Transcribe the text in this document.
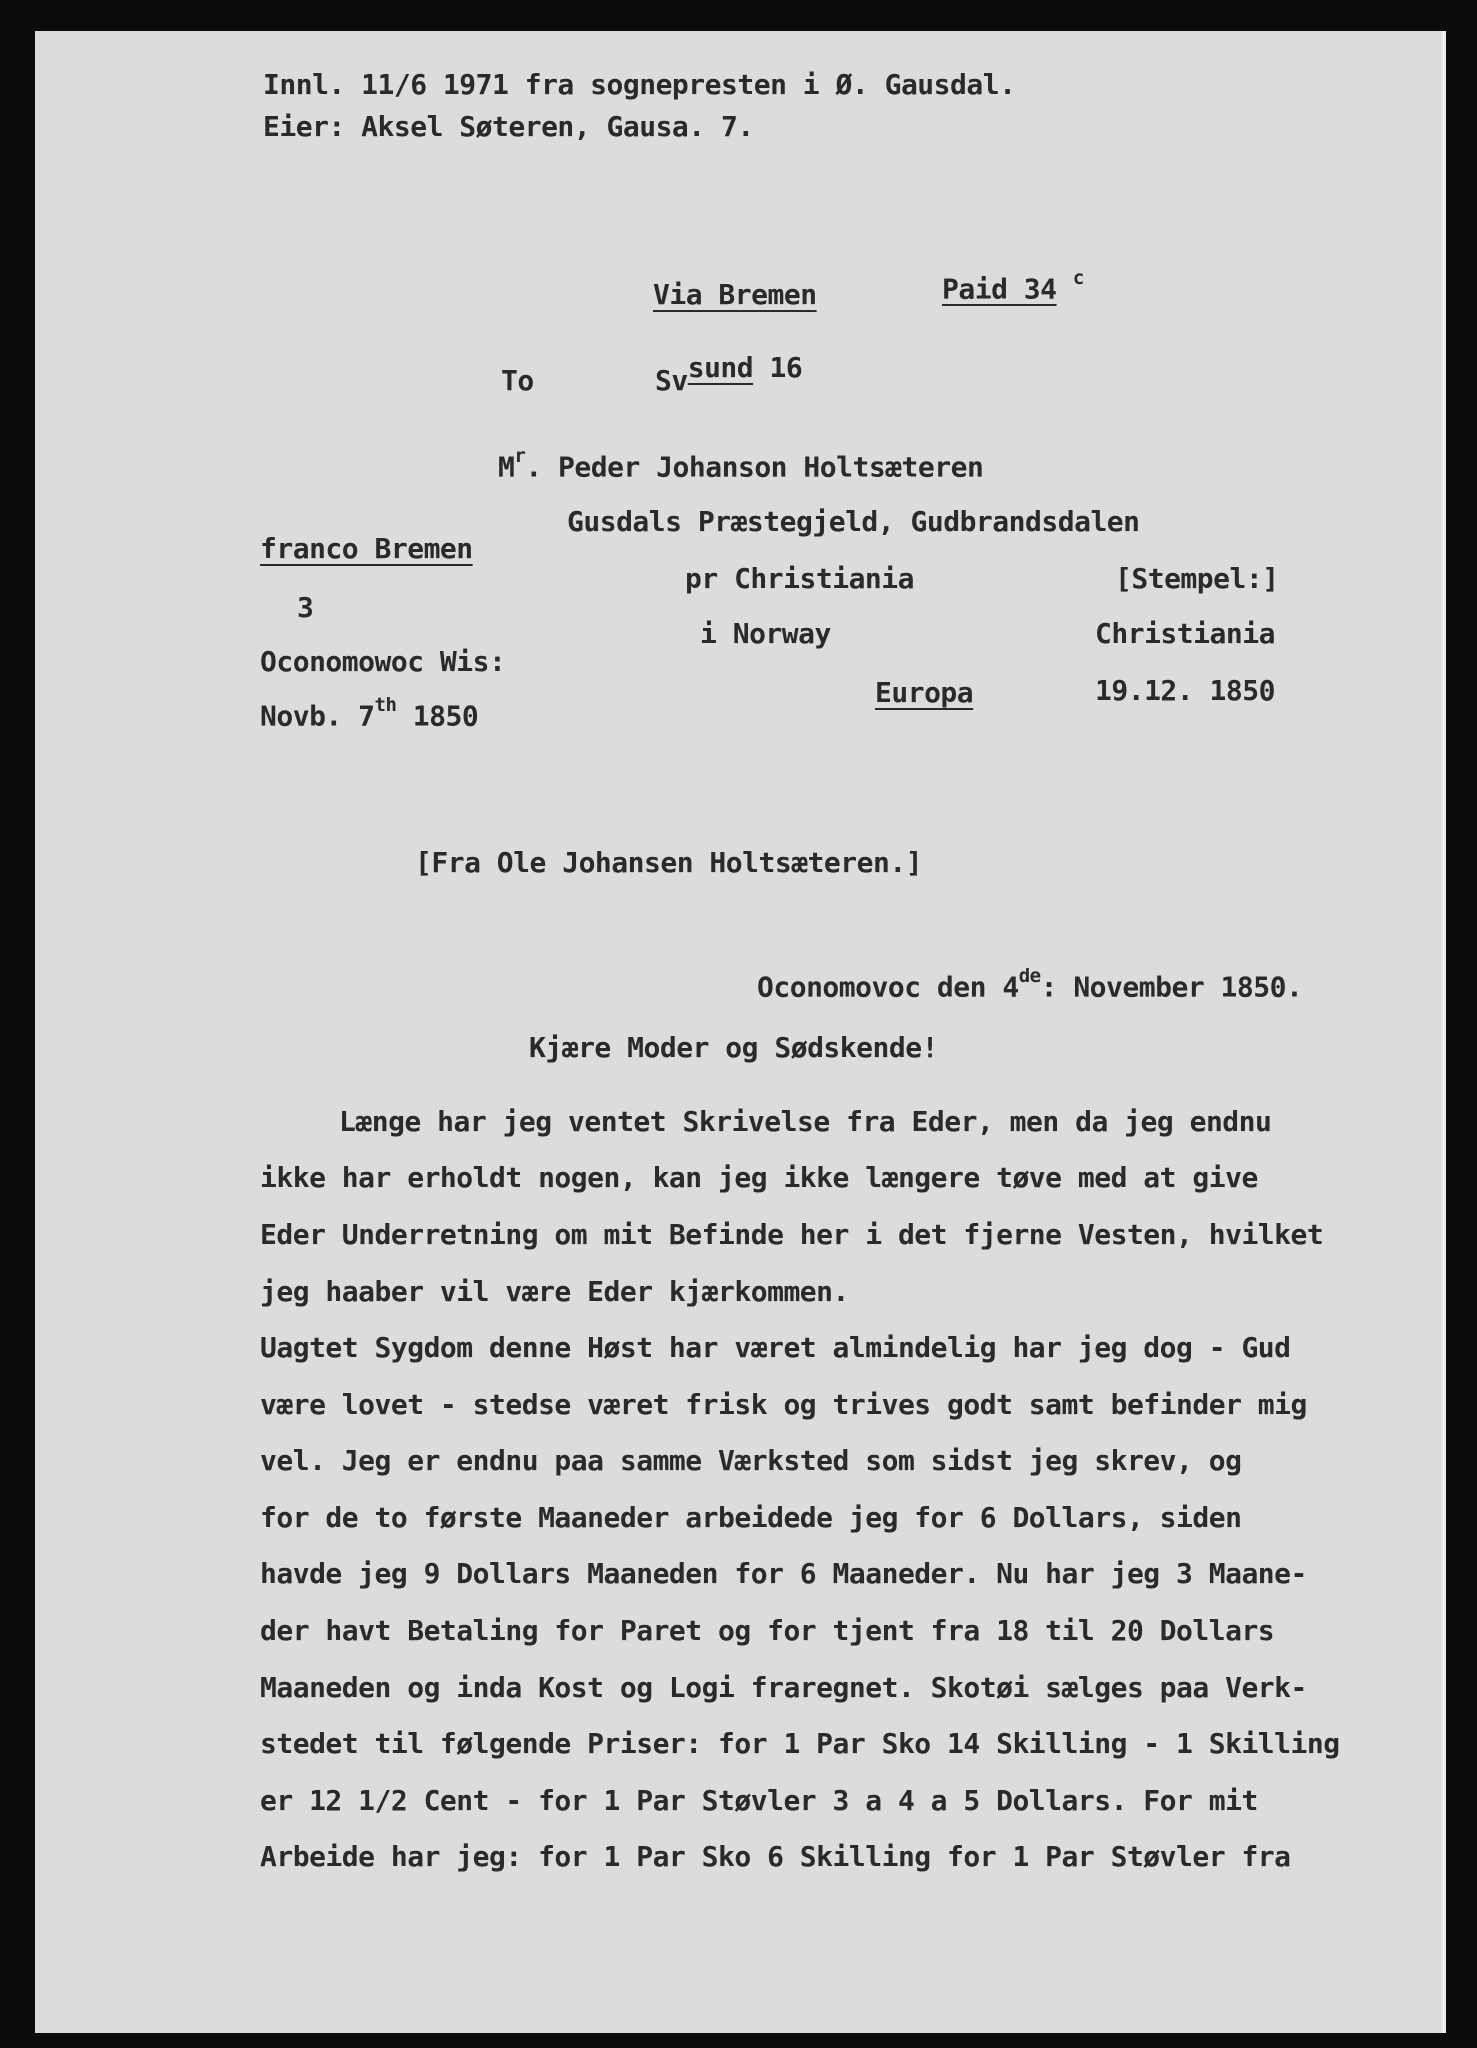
Innl. 11/6 1971 fra sognepresten i Ø. Gausdal.
Eier: Aksel Søteren, Gausa. 7.
Via Bremen	Paid 34 $^c$
To	Svsund 16
$M^r$. Peder Johanson Holtsæteren
Gusdals Præstegjeld, Gudbrandsdalen
franco Bremen
pr Christiania	[Stempel:]
3
i Norway	Christiania
Oconomowoc Wis:
Europa	19.12. 1850
Novb. 7th 1850
[Fra Ole Johansen Holtsæteren.]
Oconomovoc den 4de: November 1850.
Kjære Moder og Sødskende!
Længe har jeg ventet Skrivelse fra Eder, men da jeg endnu
ikke har erholdt nogen, kan jeg ikke længere tøve med at give
Eder Underretning om mit Befinde her i det fjerne Vesten, hvilket
jeg haaber vil være Eder kjærkommen.
Uagtet Sygdom denne Høst har været almindelig har jeg dog - Gud
være lovet - stedse været frisk og trives godt samt befinder mig
vel. Jeg er endnu paa samme Værksted som sidst jeg skrev, og
for de to første Maaneder arbeidede jeg for 6 Dollars, siden
havde jeg 9 Dollars Maaneden for 6 Maaneder. Nu har jeg 3 Maane-
der havt Betaling for Paret og for tjent fra 18 til 20 Dollars
Maaneden og inda Kost og Logi fraregnet. Skotøi sælges paa Verk-
stedet til følgende Priser: for 1 Par Sko 14 Skilling - 1 Skilling
er 12 1/2 Cent - for 1 Par Støvler 3 a 4 a 5 Dollars. For mit
Arbeide har jeg: for 1 Par Sko 6 Skilling for 1 Par Støvler fra
